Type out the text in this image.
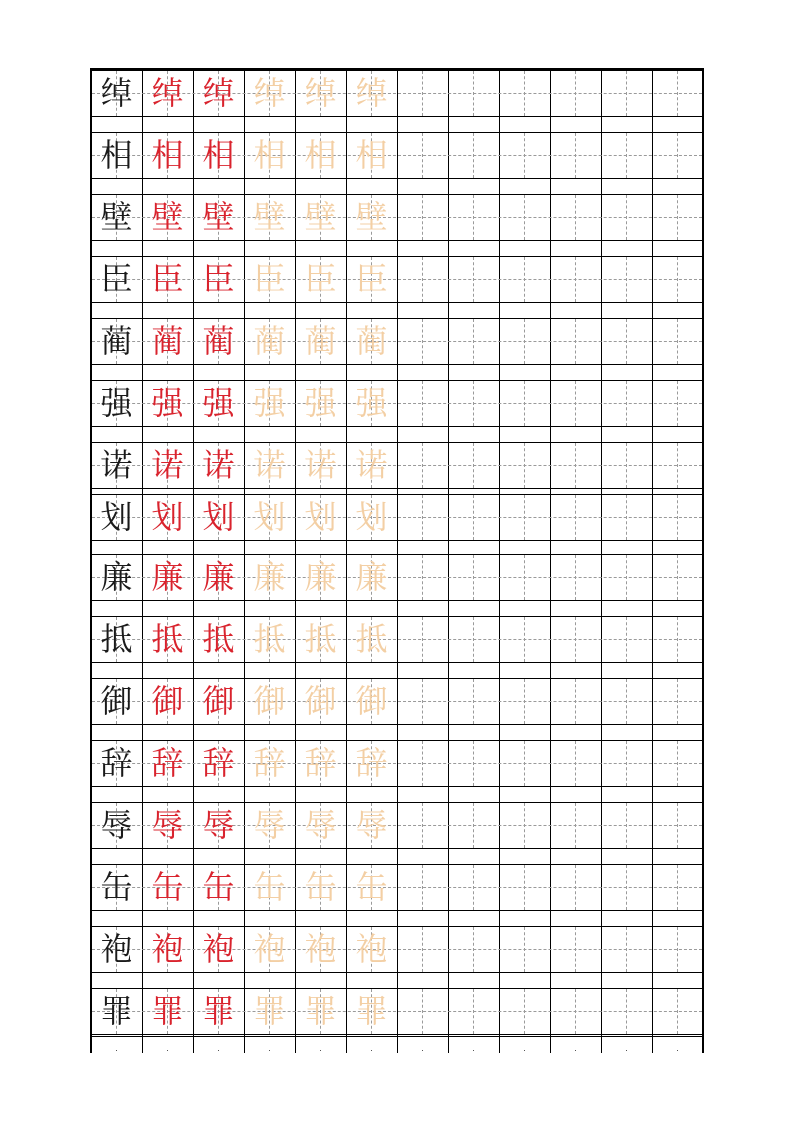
绰 绰 绰 绰 绰 绰
相 相 相 相 相 相
壁 壁 壁 壁 壁 壁
臣 臣 臣 臣 臣 臣
蔺 蔺 蔺 蔺 蔺 蔺
强 强 强 强 强 强
诺 诺 诺 诺 诺 诺
划 划 划 划 划 划
廉 廉 廉 廉 廉 廉
抵 抵 抵 抵 抵 抵
御 御 御 御 御 御
辞 辞 辞 辞 辞 辞
辱 辱 辱 辱 辱 辱
缶 缶 缶 缶 缶 缶
袍 袍 袍 袍 袍 袍
罪 罪 罪 罪 罪 罪
